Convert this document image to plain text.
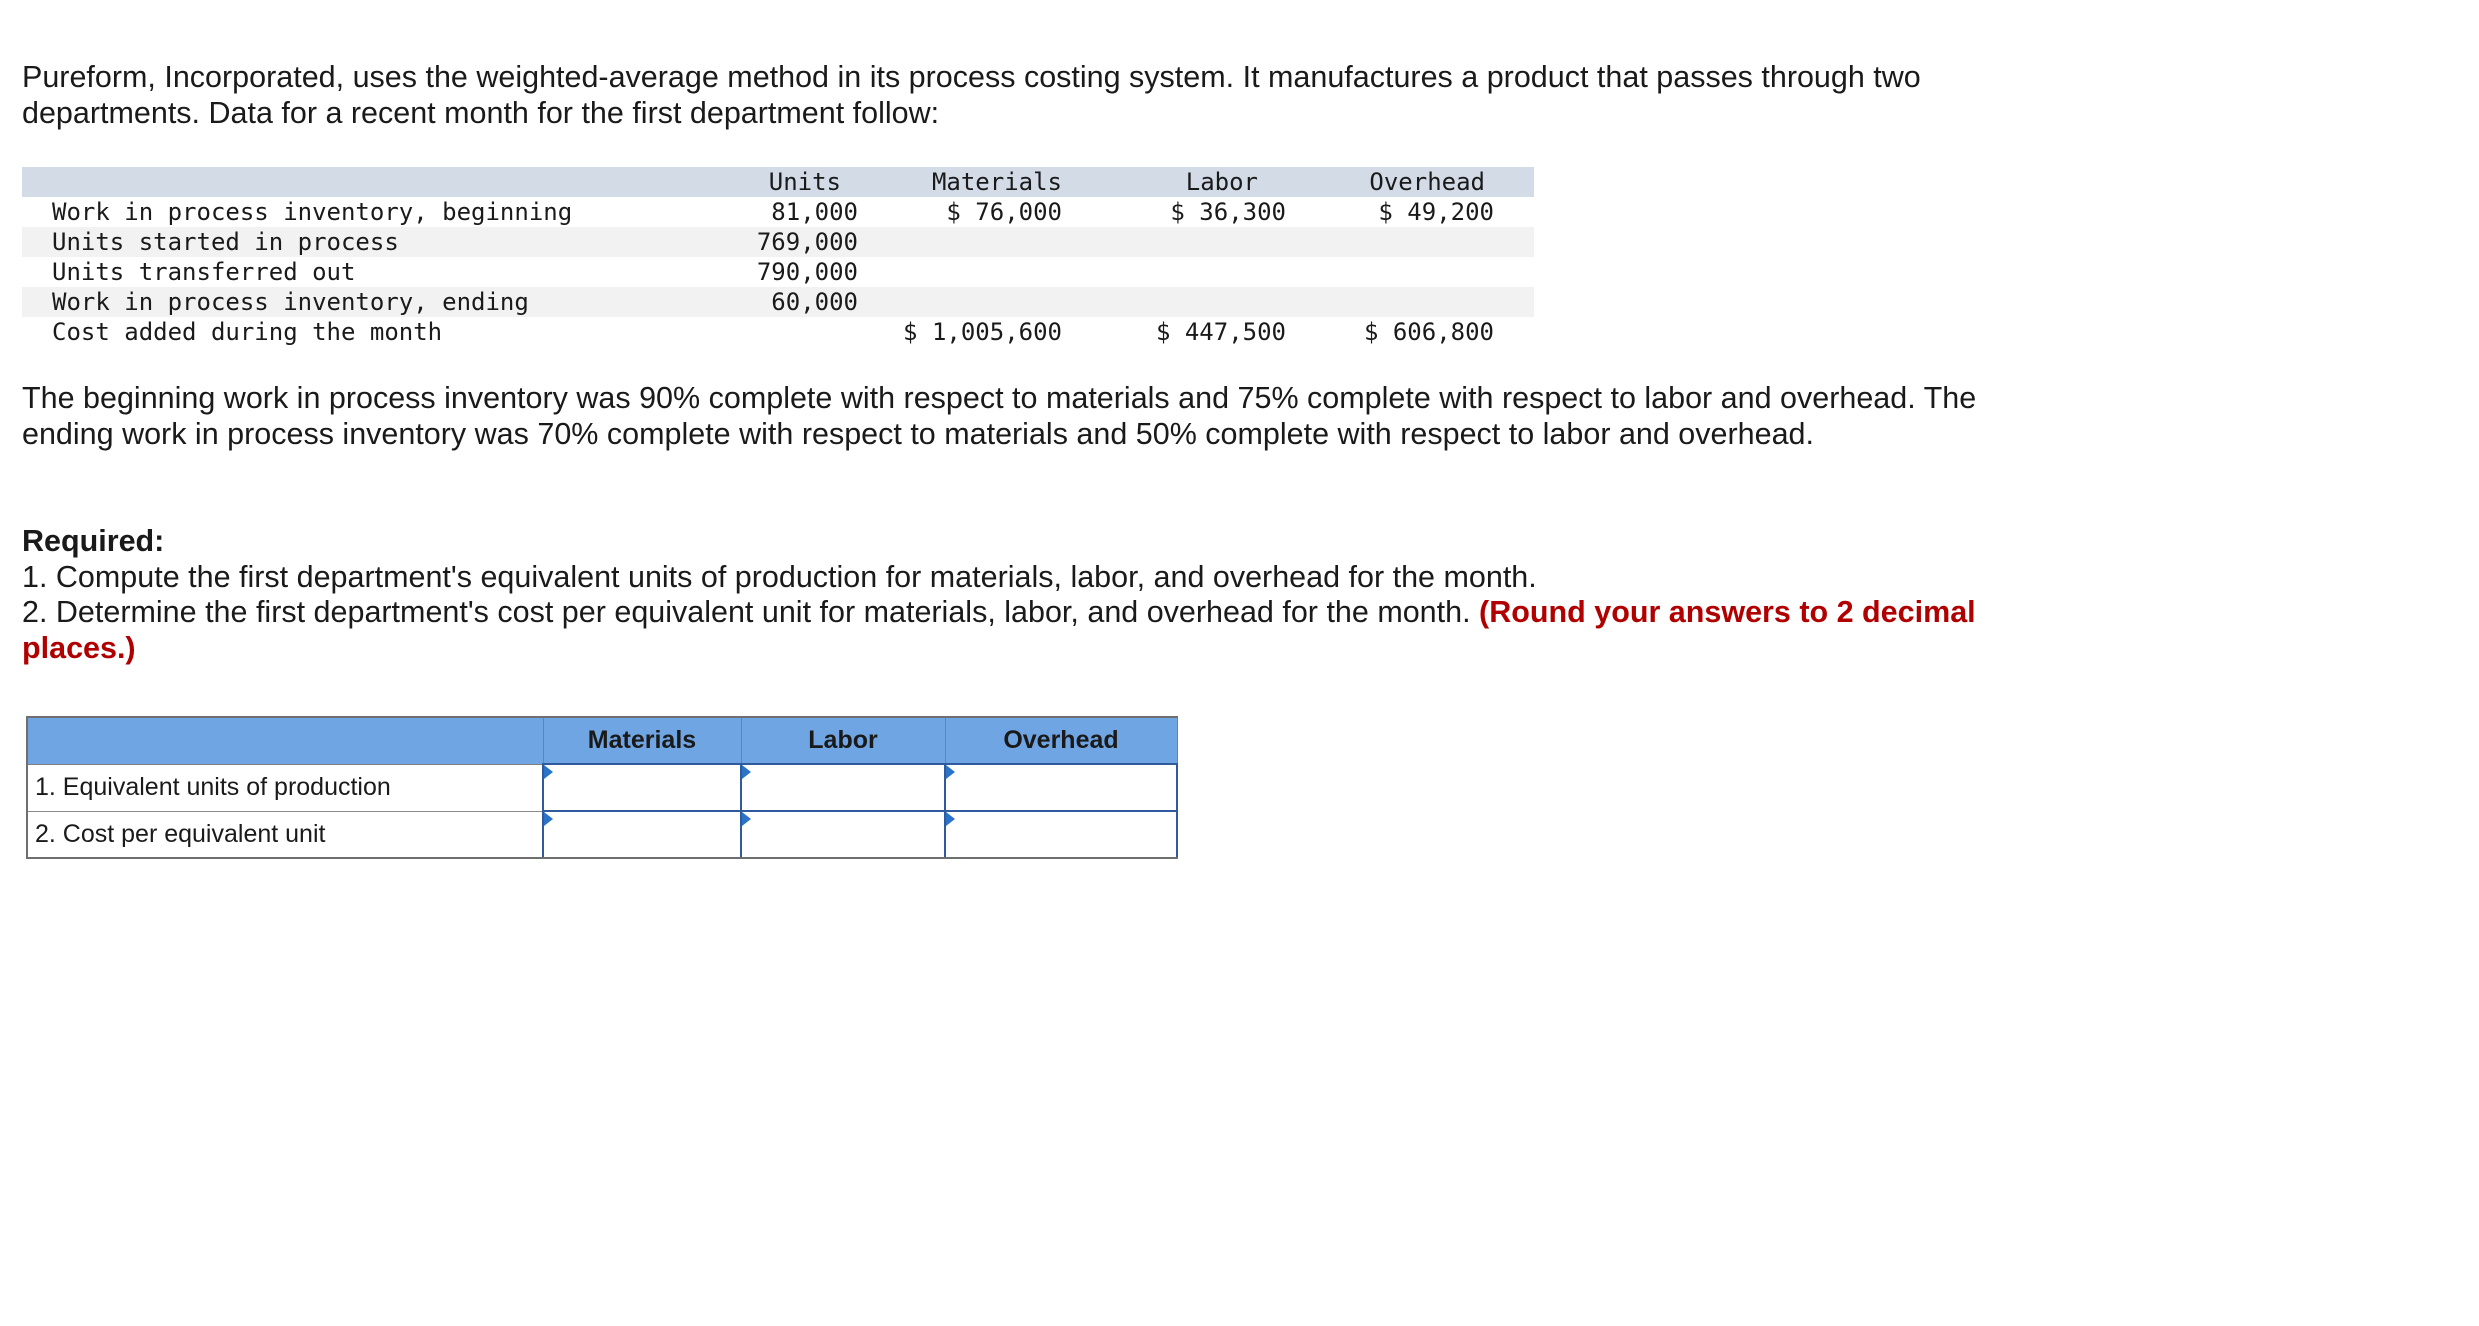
Pureform, Incorporated, uses the weighted-average method in its process costing system. It manufactures a product that passes through two departments. Data for a recent month for the first department follow:

	Units	Materials	Labor	Overhead
Work in process inventory, beginning	81,000	$ 76,000	$ 36,300	$ 49,200
Units started in process	769,000			
Units transferred out	790,000			
Work in process inventory, ending	60,000			
Cost added during the month		$ 1,005,600	$ 447,500	$ 606,800

The beginning work in process inventory was 90% complete with respect to materials and 75% complete with respect to labor and overhead. The ending work in process inventory was 70% complete with respect to materials and 50% complete with respect to labor and overhead.

Required:
1. Compute the first department's equivalent units of production for materials, labor, and overhead for the month.
2. Determine the first department's cost per equivalent unit for materials, labor, and overhead for the month. (Round your answers to 2 decimal places.)
	Materials	Labor	Overhead
1. Equivalent units of production			
2. Cost per equivalent unit			
